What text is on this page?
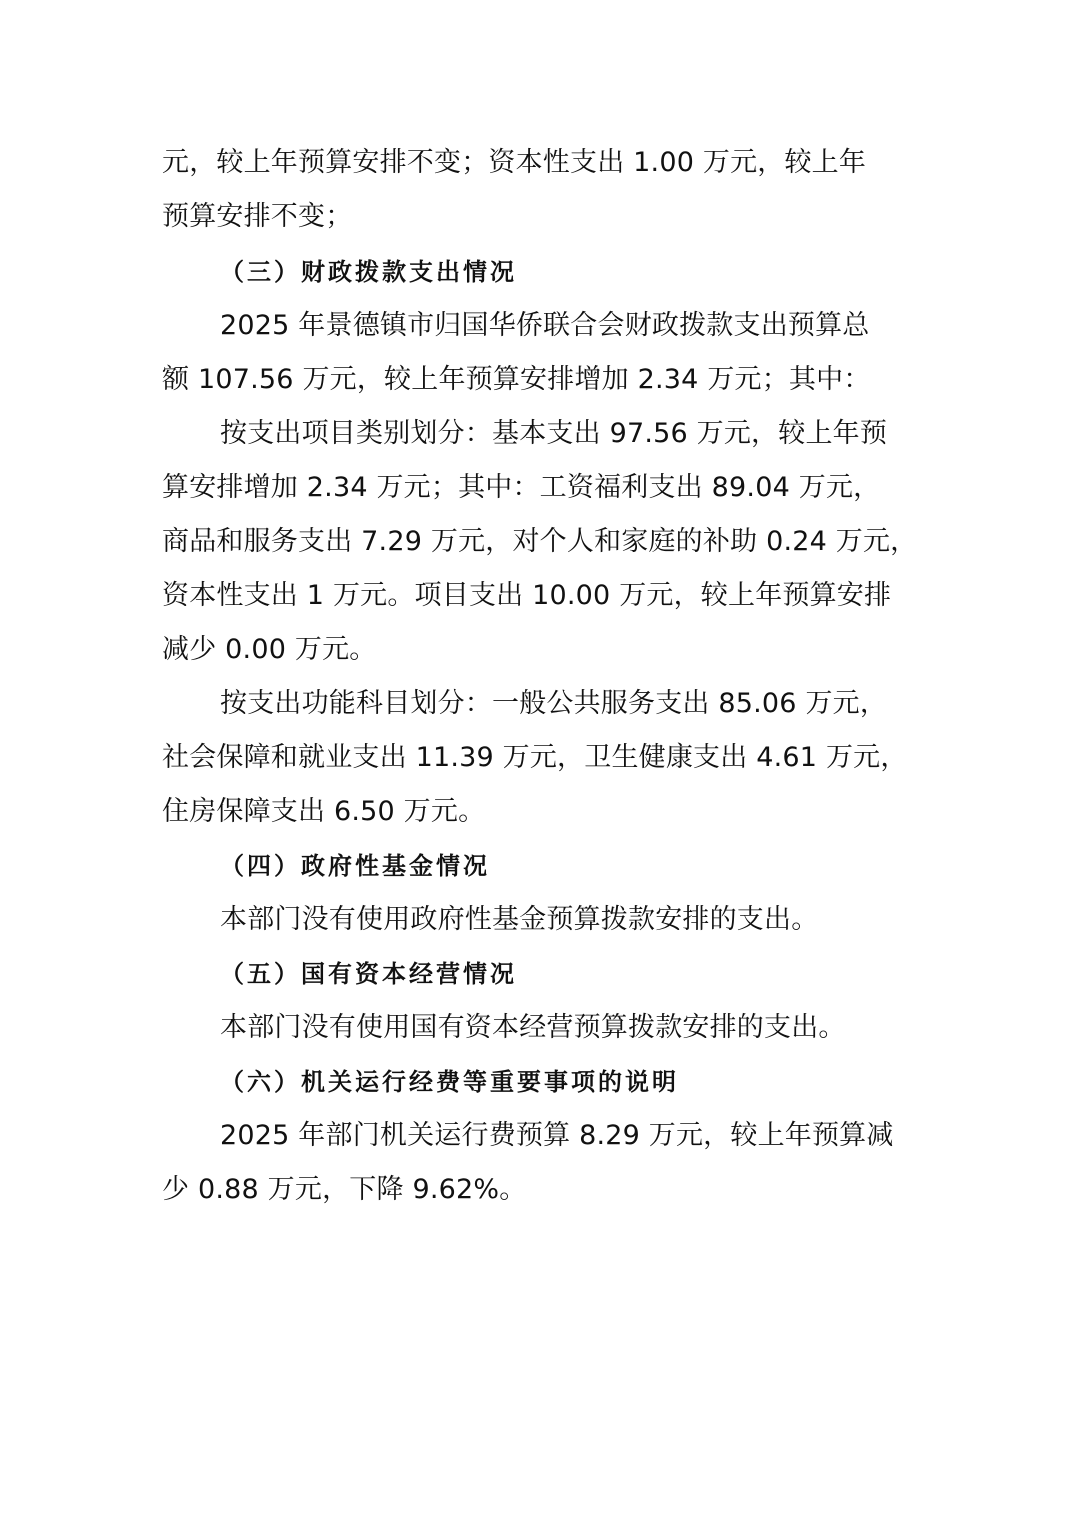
元，较上年预算安排不变；资本性支出 1.00 万元，较上年
预算安排不变；
（三）财政拨款支出情况
2025 年景德镇市归国华侨联合会财政拨款支出预算总
额 107.56 万元，较上年预算安排增加 2.34 万元；其中：
按支出项目类别划分：基本支出 97.56 万元，较上年预
算安排增加 2.34 万元；其中：工资福利支出 89.04 万元，
商品和服务支出 7.29 万元，对个人和家庭的补助 0.24 万元，
资本性支出 1 万元。项目支出 10.00 万元，较上年预算安排
减少 0.00 万元。
按支出功能科目划分：一般公共服务支出 85.06 万元，
社会保障和就业支出 11.39 万元，卫生健康支出 4.61 万元，
住房保障支出 6.50 万元。
（四）政府性基金情况
本部门没有使用政府性基金预算拨款安排的支出。
（五）国有资本经营情况
本部门没有使用国有资本经营预算拨款安排的支出。
（六）机关运行经费等重要事项的说明
2025 年部门机关运行费预算 8.29 万元，较上年预算减
少 0.88 万元，下降 9.62%。
